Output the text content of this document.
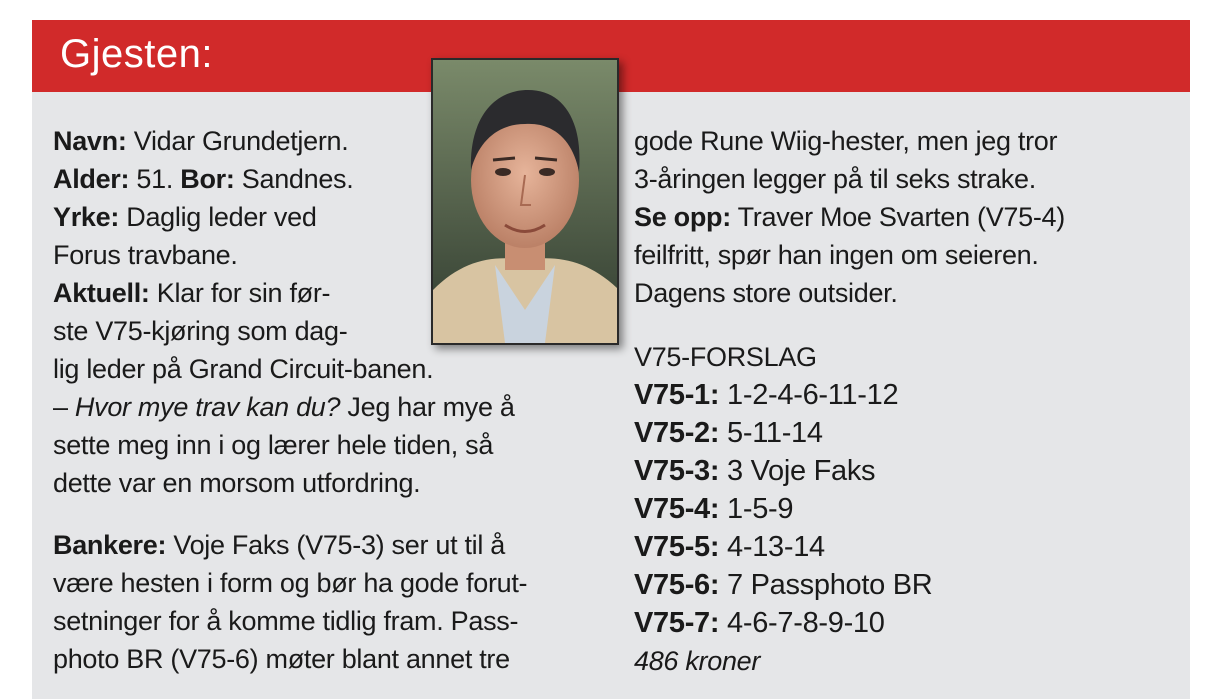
Gjesten:
Navn: Vidar Grundetjern.
Alder: 51. Bor: Sandnes.
Yrke: Daglig leder ved
Forus travbane.
Aktuell: Klar for sin før-
ste V75-kjøring som dag-
lig leder på Grand Circuit-banen.
– Hvor mye trav kan du? Jeg har mye å
sette meg inn i og lærer hele tiden, så
dette var en morsom utfordring.
Bankere: Voje Faks (V75-3) ser ut til å
være hesten i form og bør ha gode forut-
setninger for å komme tidlig fram. Pass-
photo BR (V75-6) møter blant annet tre
gode Rune Wiig-hester, men jeg tror
3-åringen legger på til seks strake.
Se opp: Traver Moe Svarten (V75-4)
feilfritt, spør han ingen om seieren.
Dagens store outsider.
V75-FORSLAG
V75-1: 1-2-4-6-11-12
V75-2: 5-11-14
V75-3: 3 Voje Faks
V75-4: 1-5-9
V75-5: 4-13-14
V75-6: 7 Passphoto BR
V75-7: 4-6-7-8-9-10
486 kroner
